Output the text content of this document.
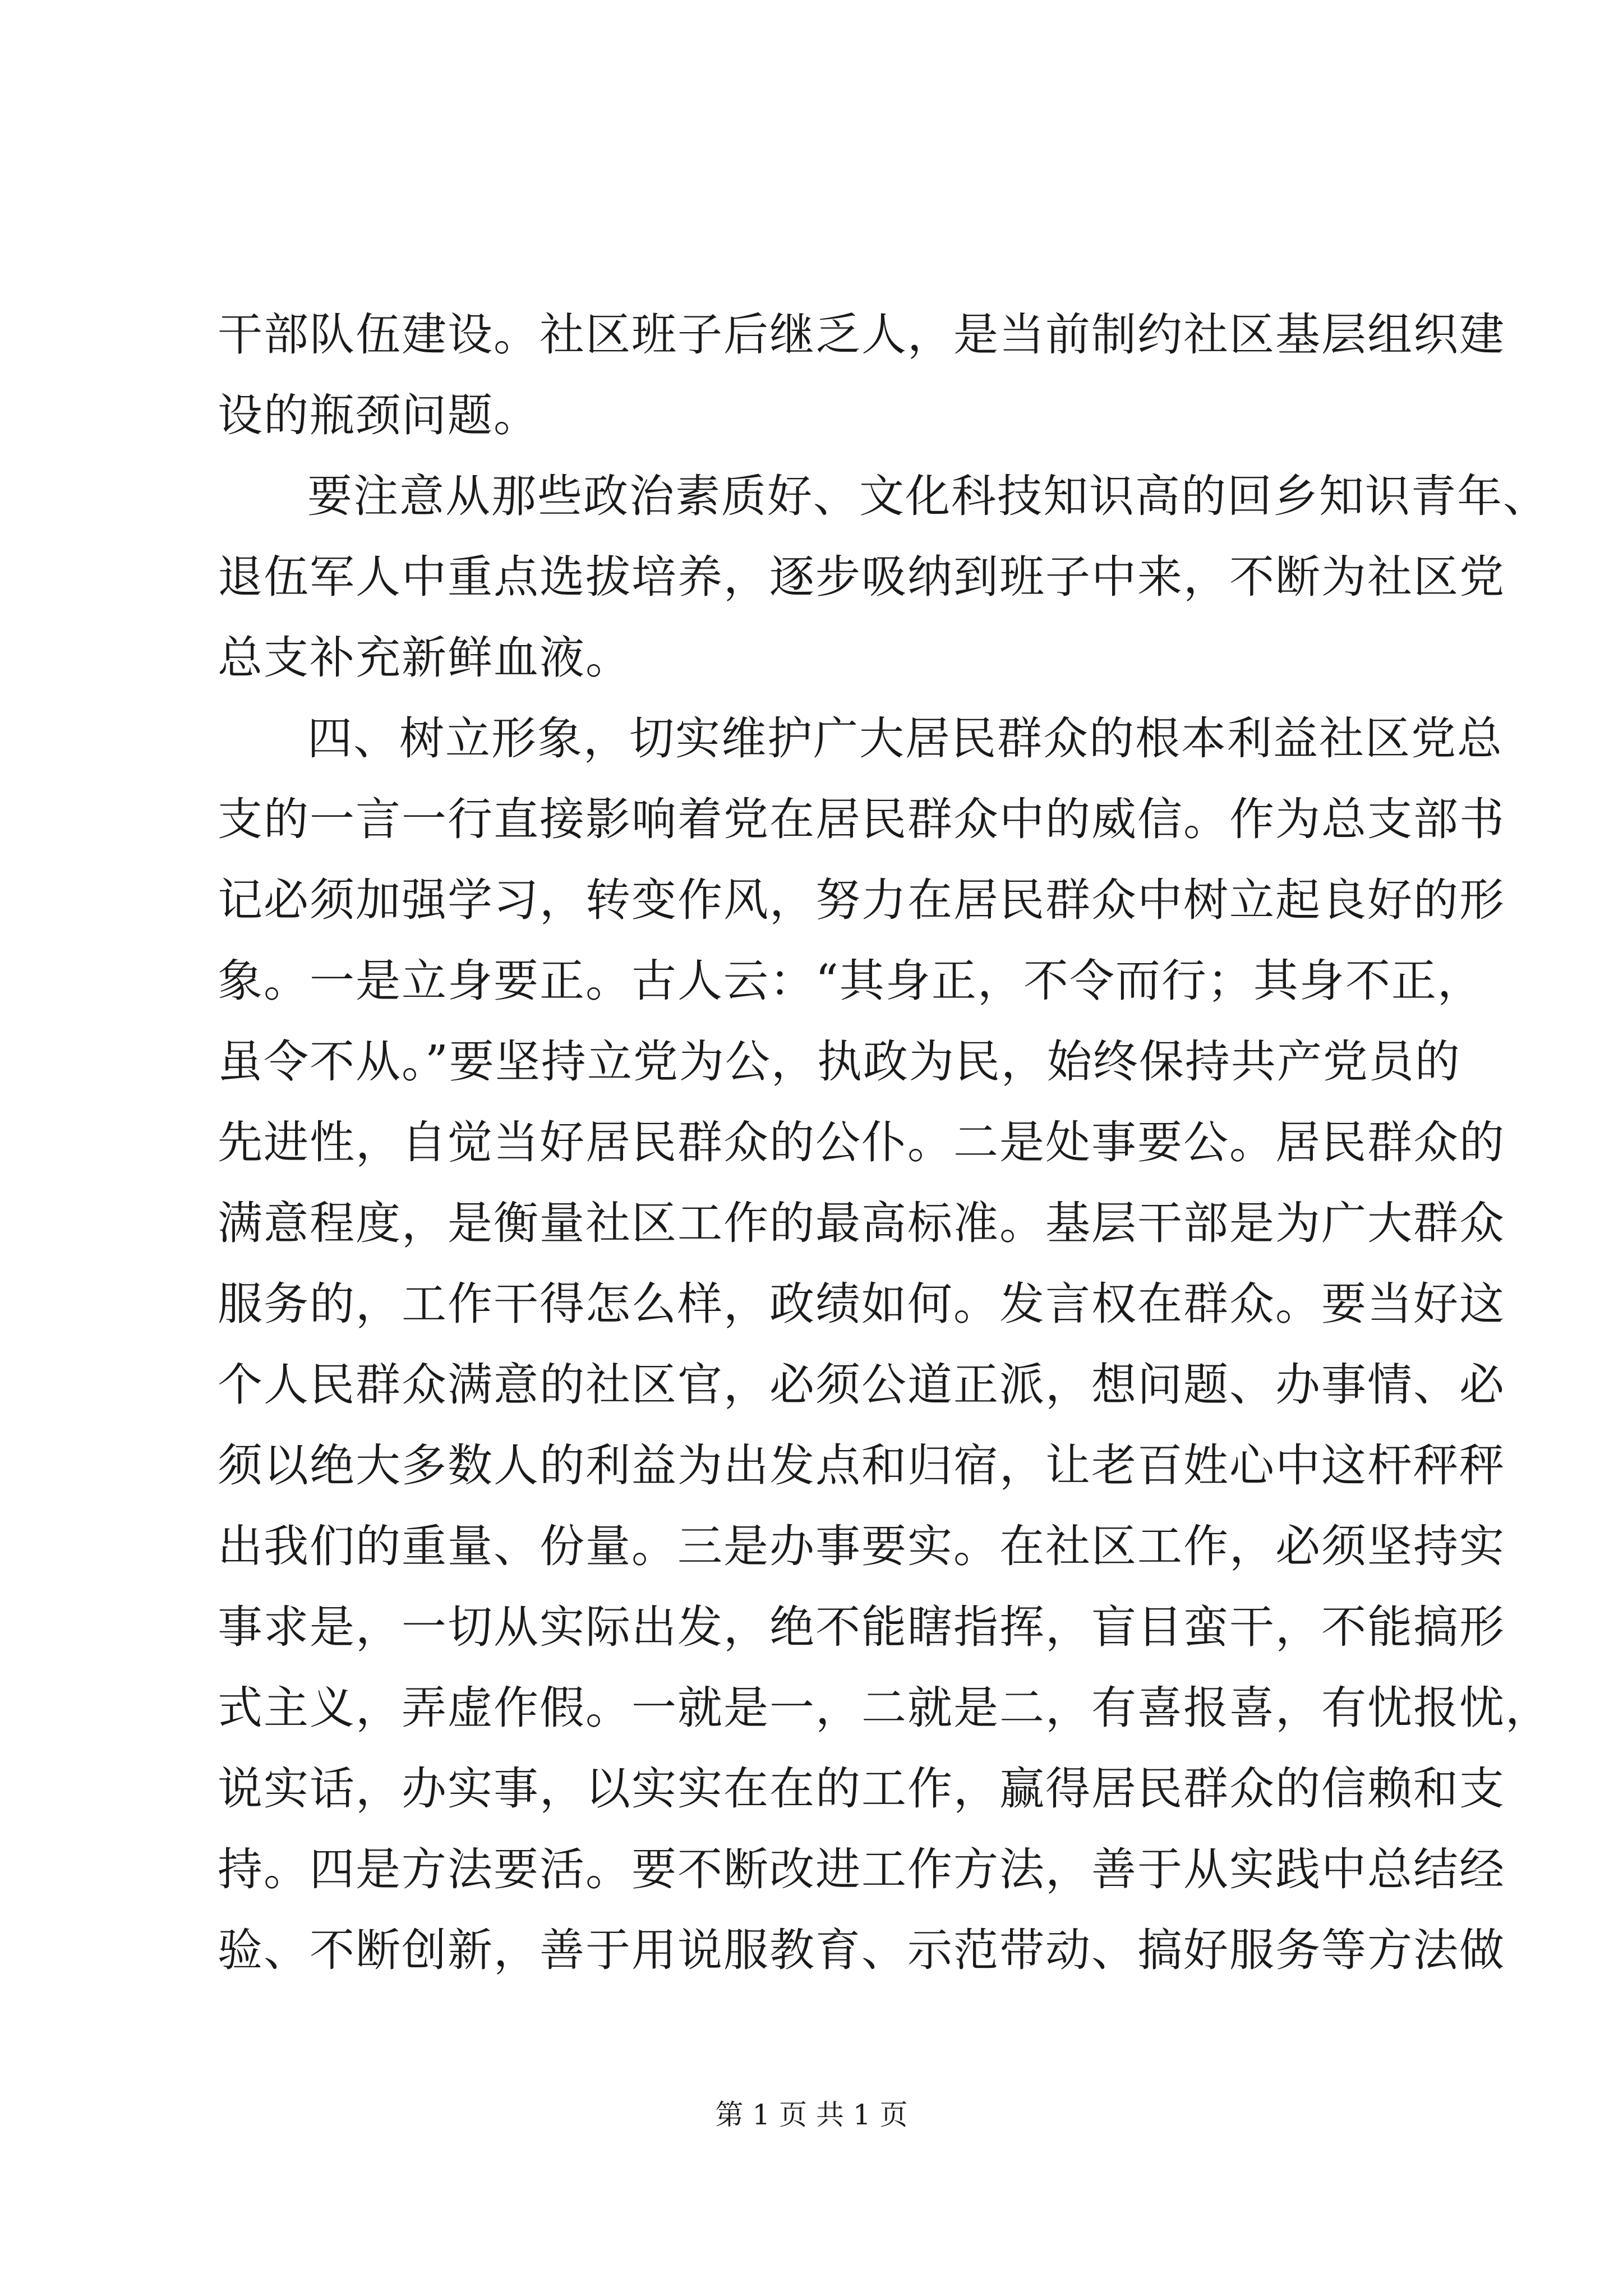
干部队伍建设。社区班子后继乏人，是当前制约社区基层组织建
设的瓶颈问题。
要注意从那些政治素质好、文化科技知识高的回乡知识青年、
退伍军人中重点选拔培养，逐步吸纳到班子中来，不断为社区党
总支补充新鲜血液。
四、树立形象，切实维护广大居民群众的根本利益社区党总
支的一言一行直接影响着党在居民群众中的威信。作为总支部书
记必须加强学习，转变作风，努力在居民群众中树立起良好的形
象。一是立身要正。古人云：“其身正，不令而行；其身不正，
虽令不从。”要坚持立党为公，执政为民，始终保持共产党员的
先进性，自觉当好居民群众的公仆。二是处事要公。居民群众的
满意程度，是衡量社区工作的最高标准。基层干部是为广大群众
服务的，工作干得怎么样，政绩如何。发言权在群众。要当好这
个人民群众满意的社区官，必须公道正派，想问题、办事情、必
须以绝大多数人的利益为出发点和归宿，让老百姓心中这杆秤秤
出我们的重量、份量。三是办事要实。在社区工作，必须坚持实
事求是，一切从实际出发，绝不能瞎指挥，盲目蛮干，不能搞形
式主义，弄虚作假。一就是一，二就是二，有喜报喜，有忧报忧，
说实话，办实事，以实实在在的工作，赢得居民群众的信赖和支
持。四是方法要活。要不断改进工作方法，善于从实践中总结经
验、不断创新，善于用说服教育、示范带动、搞好服务等方法做
第 1 页 共 1 页
